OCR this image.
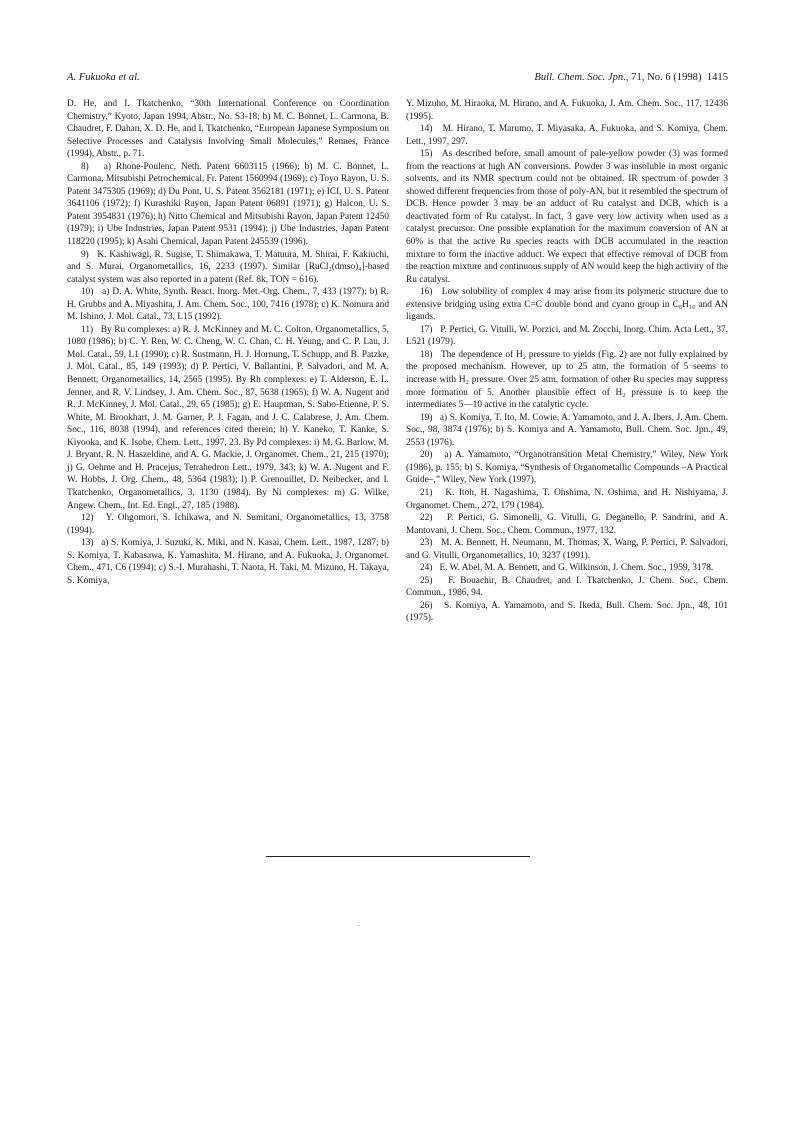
A. Fukuoka et al.	Bull. Chem. Soc. Jpn., 71, No. 6 (1998) 1415

D. He, and I. Tkatchenko, “30th International Conference on Coordination Chemistry,” Kyoto, Japan 1994, Abstr., No. S3-18; b) M. C. Bonnet, L. Carmona, B. Chaudret, F. Dahan, X. D. He, and I. Tkatchenko, “European Japanese Symposium on Selective Processes and Catalysis Involving Small Molecules,” Rennes, France (1994), Abstr., p. 71.

8)   a) Rhone-Poulenc, Neth. Patent 6603115 (1966); b) M. C. Bonnet, L. Carmona, Mitsubishi Petrochemical, Fr. Patent 1560994 (1969); c) Toyo Rayon, U. S. Patent 3475305 (1969); d) Du Pont, U. S. Patent 3562181 (1971); e) ICI, U. S. Patent 3641106 (1972); f) Kurashiki Rayon, Japan Patent 06891 (1971); g) Halcon, U. S. Patent 3954831 (1976); h) Nitto Chemical and Mitsubishi Rayon, Japan Patent 12450 (1979); i) Ube Industries, Japan Patent 9531 (1994); j) Ube Industries, Japan Patent 118220 (1995); k) Asahi Chemical, Japan Patent 245539 (1996).

9)   K. Kashiwagi, R. Sugise, T. Shimakawa, T. Matuura, M. Shirai, F. Kakiuchi, and S. Murai, Organometallics, 16, 2233 (1997). Similar [RuCl₂(dmso)₄]-based catalyst system was also reported in a patent (Ref. 8k, TON = 616).

10)   a) D. A. White, Synth. React. Inorg. Met.-Org. Chem., 7, 433 (1977); b) R. H. Grubbs and A. Miyashita, J. Am. Chem. Soc., 100, 7416 (1978); c) K. Nomura and M. Ishino, J. Mol. Catal., 73, L15 (1992).

11)   By Ru complexes: a) R. J. McKinney and M. C. Colton, Organometallics, 5, 1080 (1986); b) C. Y. Ren, W. C. Cheng, W. C. Chan, C. H. Yeung, and C. P. Lau, J. Mol. Catal., 59, L1 (1990); c) R. Sustmann, H. J. Hornung, T. Schupp, and B. Patzke, J. Mol. Catal., 85, 149 (1993); d) P. Pertici, V. Ballantini, P. Salvadori, and M. A. Bennett, Organometallics, 14, 2565 (1995). By Rh complexes: e) T. Alderson, E. L. Jenner, and R. V. Lindsey, J. Am. Chem. Soc., 87, 5638 (1965); f) W. A. Nugent and R. J. McKinney, J. Mol. Catal., 29, 65 (1985); g) E. Hauptman, S. Sabo-Etienne, P. S. White, M. Brookhart, J. M. Garner, P. J. Fagan, and J. C. Calabrese, J. Am. Chem. Soc., 116, 8038 (1994), and references cited therein; h) Y. Kaneko, T. Kanke, S. Kiyooka, and K. Isobe, Chem. Lett., 1997, 23. By Pd complexes: i) M. G. Barlow, M. J. Bryant, R. N. Haszeldine, and A. G. Mackie, J. Organomet. Chem., 21, 215 (1970); j) G. Oehme and H. Pracejus, Tetrahedron Lett., 1979, 343; k) W. A. Nugent and F. W. Hobbs, J. Org. Chem., 48, 5364 (1983); l) P. Grenouillet, D. Neibecker, and I. Tkatchenko, Organometallics, 3, 1130 (1984). By Ni complexes: m) G. Wilke, Angew. Chem., Int. Ed. Engl., 27, 185 (1988).

12)   Y. Ohgomori, S. Ichikawa, and N. Sumitani, Organometallics, 13, 3758 (1994).

13)   a) S. Komiya, J. Suzuki, K. Miki, and N. Kasai, Chem. Lett., 1987, 1287; b) S. Komiya, T. Kabasawa, K. Yamashita, M. Hirano, and A. Fukuoka, J. Organomet. Chem., 471, C6 (1994); c) S.-I. Murahashi, T. Naota, H. Taki, M. Mizuno, H. Takaya, S. Komiya,

Y. Mizuho, M. Hiraoka, M. Hirano, and A. Fukuoka, J. Am. Chem. Soc., 117, 12436 (1995).

14)   M. Hirano, T. Marumo, T. Miyasaka, A. Fukuoka, and S. Komiya, Chem. Lett., 1997, 297.

15)   As described before, small amount of pale-yellow powder (3) was formed from the reactions at high AN conversions. Powder 3 was insoluble in most organic solvents, and its NMR spectrum could not be obtained. IR spectrum of powder 3 showed different frequencies from those of poly-AN, but it resembled the spectrum of DCB. Hence powder 3 may be an adduct of Ru catalyst and DCB, which is a deactivated form of Ru catalyst. In fact, 3 gave very low activity when used as a catalyst precursor. One possible explanation for the maximum conversion of AN at 60% is that the active Ru species reacts with DCB accumulated in the reaction mixture to form the inactive adduct. We expect that effective removal of DCB from the reaction mixture and continuous supply of AN would keep the high activity of the Ru catalyst.

16)   Low solubility of complex 4 may arise from its polymeric structure due to extensive bridging using extra C=C double bond and cyano group in C₈H₁₀ and AN ligands.

17)   P. Pertici, G. Vitulli, W. Porzici, and M. Zocchi, Inorg. Chim. Acta Lett., 37, L521 (1979).

18)   The dependence of H₂ pressure to yields (Fig. 2) are not fully explained by the proposed mechanism. However, up to 25 atm, the formation of 5 seems to increase with H₂ pressure. Over 25 atm, formation of other Ru species may suppress more formation of 5. Another plausible effect of H₂ pressure is to keep the intermediates 5—10 active in the catalytic cycle.

19)   a) S. Komiya, T. Ito, M. Cowie, A. Yamamoto, and J. A. Ibers, J. Am. Chem. Soc., 98, 3874 (1976); b) S. Komiya and A. Yamamoto, Bull. Chem. Soc. Jpn., 49, 2553 (1976).

20)   a) A. Yamamoto, “Organotransition Metal Chemistry,” Wiley, New York (1986), p. 155; b) S. Komiya, “Synthesis of Organometallic Compounds –A Practical Guide–,” Wiley, New York (1997).

21)   K. Itoh, H. Nagashima, T. Ohshima, N. Oshima, and H. Nishiyama, J. Organomet. Chem., 272, 179 (1984).

22)   P. Pertici, G. Simonelli, G. Vitulli, G. Deganello, P. Sandrini, and A. Mantovani, J. Chem. Soc., Chem. Commun., 1977, 132.

23)   M. A. Bennett, H. Neumann, M. Thomas, X. Wang, P. Pertici, P. Salvadori, and G. Vitulli, Organometallics, 10, 3237 (1991).

24)   E. W. Abel, M. A. Bennett, and G. Wilkinson, J. Chem. Soc., 1959, 3178.

25)   F. Bouachir, B. Chaudret, and I. Tkatchenko, J. Chem. Soc., Chem. Commun., 1986, 94.

26)   S. Komiya, A. Yamamoto, and S. Ikeda, Bull. Chem. Soc. Jpn., 48, 101 (1975).
